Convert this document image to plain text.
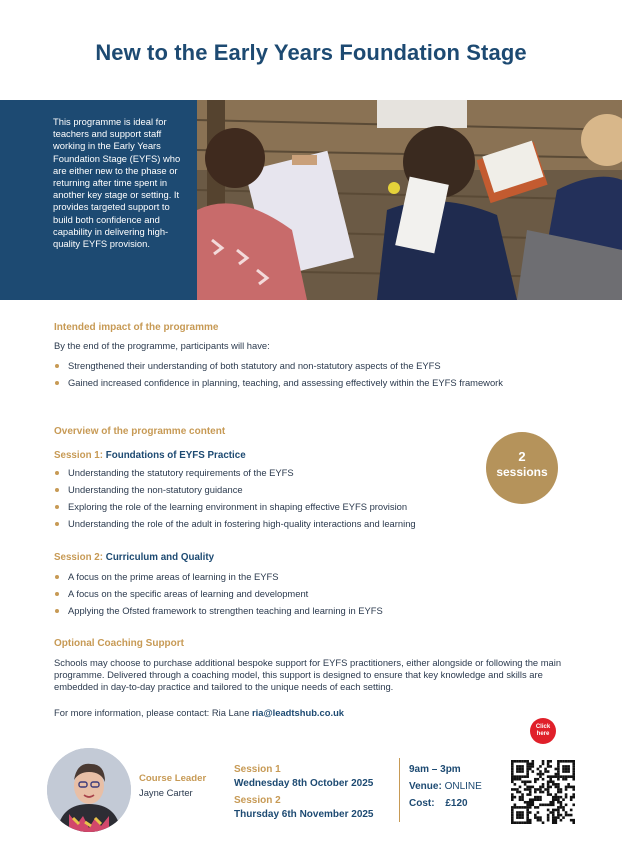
New to the Early Years Foundation Stage

This programme is ideal for teachers and support staff working in the Early Years Foundation Stage (EYFS) who are either new to the phase or returning after time spent in another key stage or setting. It provides targeted support to build both confidence and capability in delivering high-quality EYFS provision.

Intended impact of the programme
By the end of the programme, participants will have:
Strengthened their understanding of both statutory and non-statutory aspects of the EYFS
Gained increased confidence in planning, teaching, and assessing effectively within the EYFS framework
Overview of the programme content
Session 1: Foundations of EYFS Practice
Understanding the statutory requirements of the EYFS
Understanding the non-statutory guidance
Exploring the role of the learning environment in shaping effective EYFS provision
Understanding the role of the adult in fostering high-quality interactions and learning
Session 2: Curriculum and Quality
A focus on the prime areas of learning in the EYFS
A focus on the specific areas of learning and development
Applying the Ofsted framework to strengthen teaching and learning in EYFS
2
sessions
Optional Coaching Support

Schools may choose to purchase additional bespoke support for EYFS practitioners, either alongside or following the main programme. Delivered through a coaching model, this support is designed to ensure that key knowledge and skills are embedded in day-to-day practice and tailored to the unique needs of each setting.

For more information, please contact: Ria Lane ria@leadtshub.co.uk
Click
here
Course Leader
Jayne Carter
Session 1
Wednesday 8th October 2025
Session 2
Thursday 6th November 2025
9am – 3pm
Venue: ONLINE
Cost: £120
